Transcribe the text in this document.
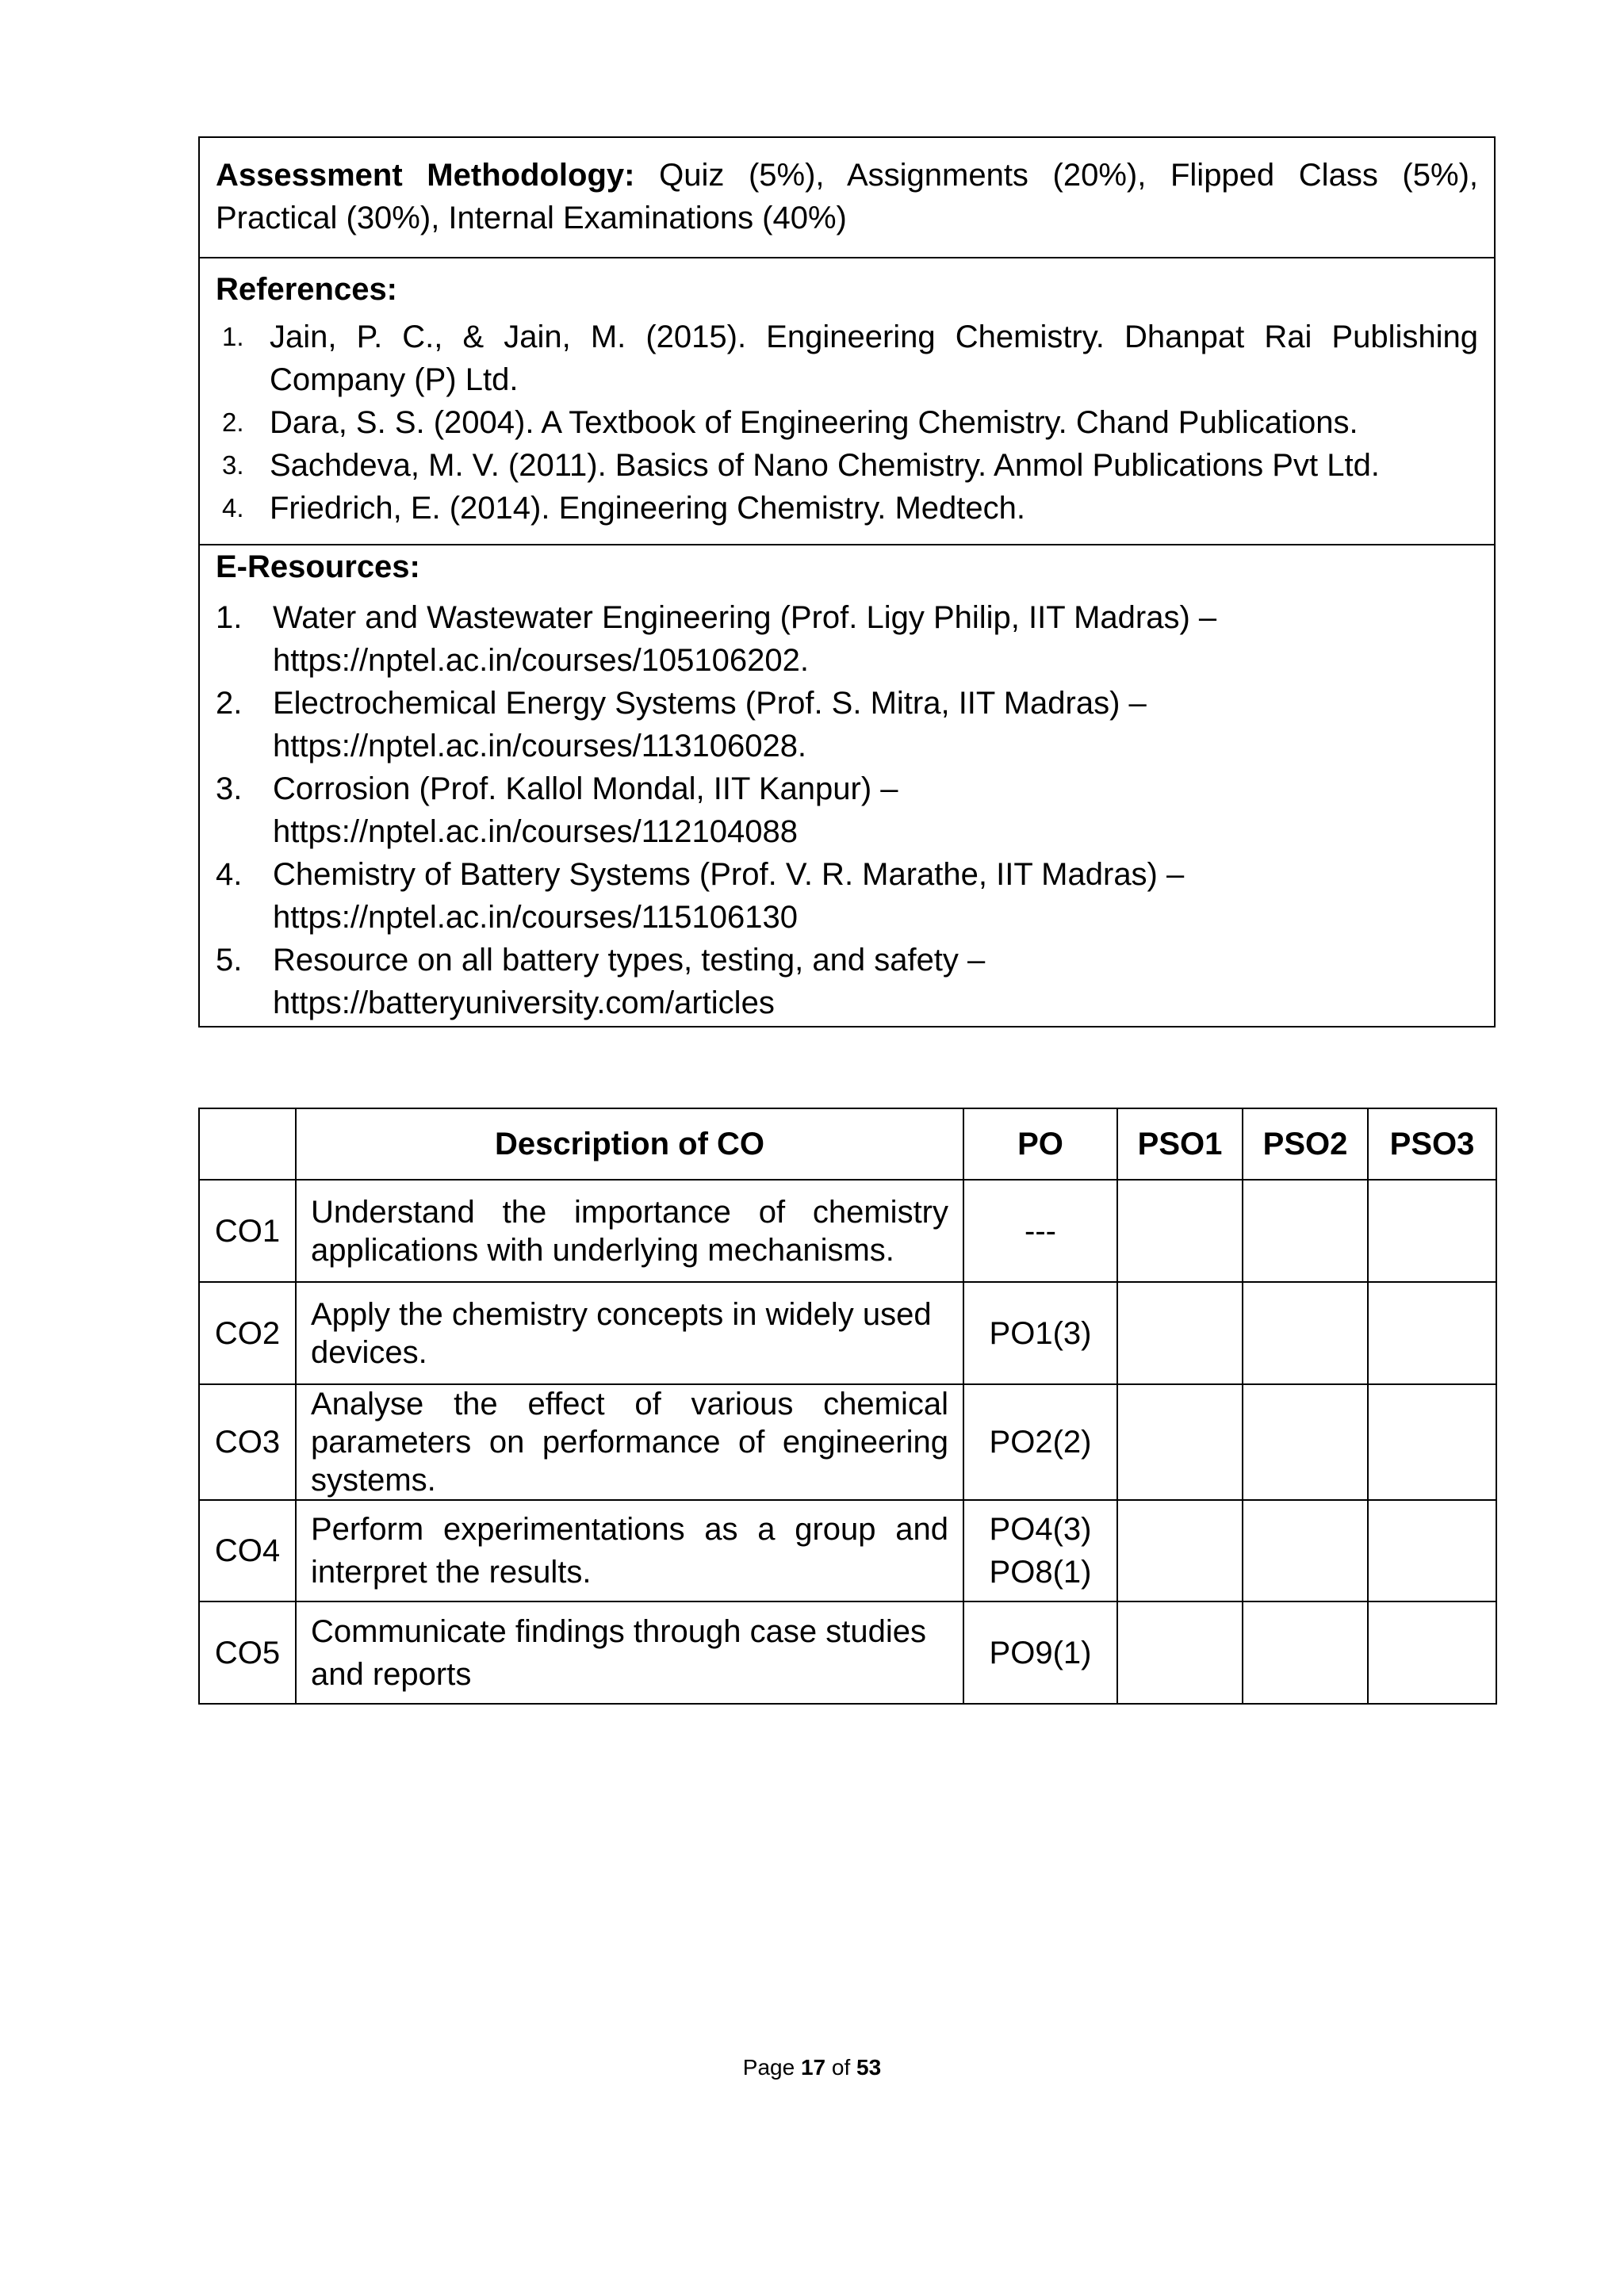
Assessment Methodology: Quiz (5%), Assignments (20%), Flipped Class (5%), Practical (30%), Internal Examinations (40%)
References:
1. Jain, P. C., & Jain, M. (2015). Engineering Chemistry. Dhanpat Rai Publishing Company (P) Ltd.
2. Dara, S. S. (2004). A Textbook of Engineering Chemistry. Chand Publications.
3. Sachdeva, M. V. (2011). Basics of Nano Chemistry. Anmol Publications Pvt Ltd.
4. Friedrich, E. (2014). Engineering Chemistry. Medtech.
E-Resources:
1. Water and Wastewater Engineering (Prof. Ligy Philip, IIT Madras) –
https://nptel.ac.in/courses/105106202.
2. Electrochemical Energy Systems (Prof. S. Mitra, IIT Madras) –
https://nptel.ac.in/courses/113106028.
3. Corrosion (Prof. Kallol Mondal, IIT Kanpur) –
https://nptel.ac.in/courses/112104088
4. Chemistry of Battery Systems (Prof. V. R. Marathe, IIT Madras) –
https://nptel.ac.in/courses/115106130
5. Resource on all battery types, testing, and safety –
https://batteryuniversity.com/articles
	Description of CO	PO	PSO1	PSO2	PSO3
CO1	Understand the importance of chemistry applications with underlying mechanisms.	---			

CO2	Apply the chemistry concepts in widely used devices.	PO1(3)			

CO3	Analyse the effect of various chemical parameters on performance of engineering systems.	PO2(2)			

CO4	Perform experimentations as a group and interpret the results.	PO4(3)
PO8(1)			

CO5	Communicate findings through case studies and reports	PO9(1)			

Page 17 of 53
